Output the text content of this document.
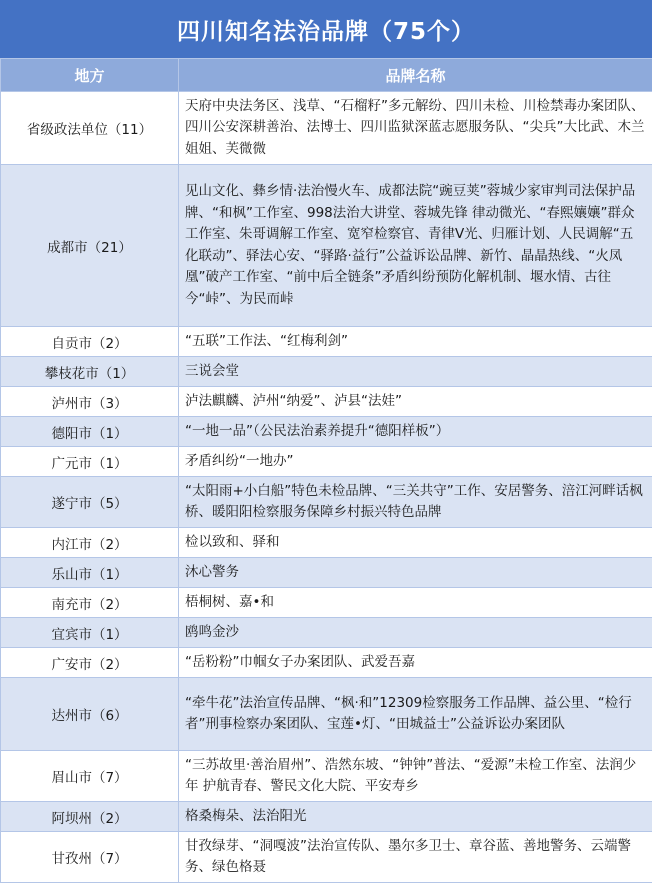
四川知名法治品牌（75个）
地方	品牌名称
省级政法单位（11）	天府中央法务区、浅草、“石榴籽”多元解纷、四川未检、川检禁毒办案团队、四川公安深耕善治、法博士、四川监狱深蓝志愿服务队、“尖兵”大比武、木兰姐姐、芙微微
成都市（21）	见山文化、彝乡情·法治慢火车、成都法院“豌豆荚”蓉城少家审判司法保护品牌、“和枫”工作室、998法治大讲堂、蓉城先锋 律动微光、“春熙孃孃”群众工作室、朱哥调解工作室、宽窄检察官、青律Ⅴ光、归雁计划、人民调解“五化联动”、驿法心安、“驿路·益行”公益诉讼品牌、新竹、晶晶热线、“火凤凰”破产工作室、“前中后全链条”矛盾纠纷预防化解机制、堰水情、古往今“峠”、为民而峠
自贡市（2）	“五联”工作法、“红梅利剑”
攀枝花市（1）	三说会堂
泸州市（3）	泸法麒麟、泸州“纳爱”、泸县“法娃”
德阳市（1）	“一地一品”（公民法治素养提升“德阳样板”）
广元市（1）	矛盾纠纷“一地办”
遂宁市（5）	“太阳雨+小白船”特色未检品牌、“三关共守”工作、安居警务、涪江河畔话枫桥、暖阳阳检察服务保障乡村振兴特色品牌
内江市（2）	检以致和、驿和
乐山市（1）	沐心警务
南充市（2）	梧桐树、嘉•和
宜宾市（1）	鸥鸣金沙
广安市（2）	“岳粉粉”巾帼女子办案团队、武爱吾嘉
达州市（6）	“牵牛花”法治宣传品牌、“枫·和”12309检察服务工作品牌、益公里、“检行者”刑事检察办案团队、宝莲•灯、“田城益士”公益诉讼办案团队
眉山市（7）	“三苏故里·善治眉州”、浩然东坡、“钟钟”普法、“爱源”未检工作室、法润少年 护航青春、警民文化大院、平安寿乡
阿坝州（2）	格桑梅朵、法治阳光
甘孜州（7）	甘孜绿芽、“洞嘎波”法治宣传队、墨尔多卫士、章谷蓝、善地警务、云端警务、绿色格聂
